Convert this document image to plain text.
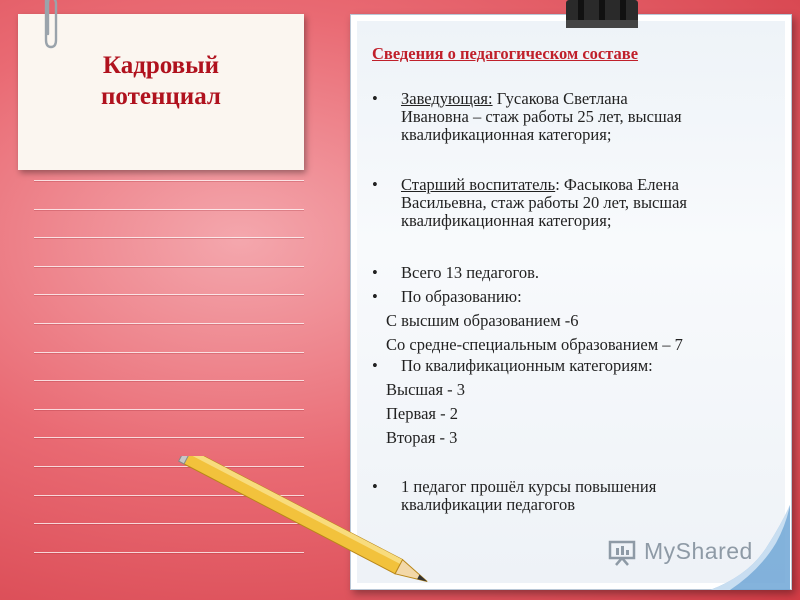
Кадровый
потенциал
Сведения о педагогическом составе
• Заведующая: Гусакова Светлана
Ивановна – стаж работы 25 лет, высшая
квалификационная категория;
• Старший воспитатель: Фасыкова Елена
Васильевна, стаж работы 20 лет, высшая
квалификационная категория;
• Всего 13 педагогов.
• По образованию:
С высшим образованием -6
Со средне-специальным образованием – 7
• По квалификационным категориям:
Высшая - 3
Первая - 2
Вторая - 3
• 1 педагог прошёл курсы повышения
квалификации педагогов
MyShared
